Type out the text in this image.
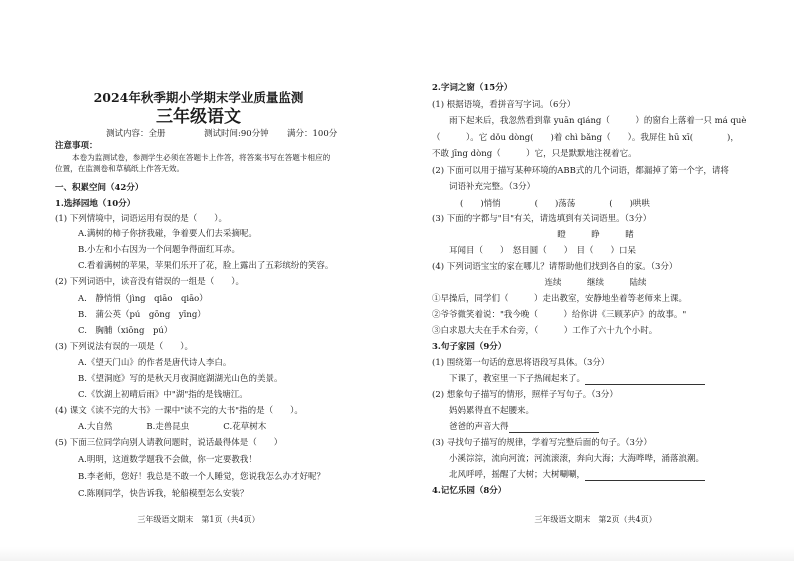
2024年秋季期小学期末学业质量监测
三年级语文
测试内容：全册	测试时间:90分钟 满分：100分
注意事项：
本卷为监测试卷，参测学生必须在答题卡上作答，将答案书写在答题卡相应的
位置，在监测卷和草稿纸上作答无效。
一、积累空间（42分）
1.选择园地（10分）
(1) 下列情境中，词语运用有误的是（　　）。
A.满树的柿子你挤我碰，争着要人们去采摘呢。
B.小左和小右因为一个问题争得面红耳赤。
C.看着满树的苹果，苹果们乐开了花，脸上露出了五彩缤纷的笑容。
(2) 下列词语中，读音没有错误的一组是（　　）。
A.　静悄悄（jìng　qiāo　qiāo）
B.　蒲公英（pú　gōng　yīng）
C.　胸脯（xiōng　pú）
(3) 下列说法有误的一项是（　　）。
A.《望天门山》的作者是唐代诗人李白。
B.《望洞庭》写的是秋天月夜洞庭湖湖光山色的美景。
C.《饮湖上初晴后雨》中"湖"指的是钱塘江。
(4) 课文《读不完的大书》一课中"读不完的大书"指的是（　　）。
A.大自然　　　　B.走兽昆虫　　　　C.花草树木
(5) 下面三位同学向别人请教问题时，说话最得体是（　　）
A.明明，这道数学题我不会做，你一定要教我！
B.李老师，您好！我总是不敢一个人睡觉，您说我怎么办才好呢？
C.陈刚同学，快告诉我，轮船模型怎么安装？
三年级语文期末　第1页（共4页）
2.字词之窗（15分）
(1) 根据语境，看拼音写字词。（6分）
雨下起来后，我忽然看到靠 yuān qiáng（　　　）的窗台上落着一只 má què
（　　　）。它 dǒu dòng(　　)着 chì bǎng（　　）。我屏住 hū xī(　　　　)，
不敢 jīng dòng（　　　）它，只是默默地注视着它。
(2) 下面可以用于描写某种环境的ABB式的几个词语，都漏掉了第一个字，请将
词语补充完整。（3分）
(　　)悄悄　　　　(　　)荡荡　　　　(　　)哄哄
(3) 下面的字都与"目"有关，请选填到有关词语里。（3分）
瞪　　　睁　　　睹
耳闻目（　　）　怒目圆（　　）　目（　　）口呆
(4) 下列词语宝宝的家在哪儿？请帮助他们找到各自的家。（3分）
连续　　　继续　　　陆续
①早操后，同学们（　　　）走出教室，安静地坐着等老师来上课。
②爷爷微笑着说："我今晚（　　　）给你讲《三顾茅庐》的故事。"
③白求恩大夫在手术台旁，（　　　）工作了六十九个小时。
3.句子家园（9分）
(1) 围绕第一句话的意思将语段写具体。（3分）
下课了，教室里一下子热闹起来了。
(2) 想象句子描写的情形，照样子写句子。（3分）
妈妈累得直不起腰来。
爸爸的声音大得
(3) 寻找句子描写的规律，学着写完整后面的句子。（3分）
小溪淙淙，流向河流；河流滚滚，奔向大海；大海哗哗，涌落浪潮。
北风呼呼，摇醒了大树；大树唰唰，
4.记忆乐园（8分）
三年级语文期末　第2页（共4页）
